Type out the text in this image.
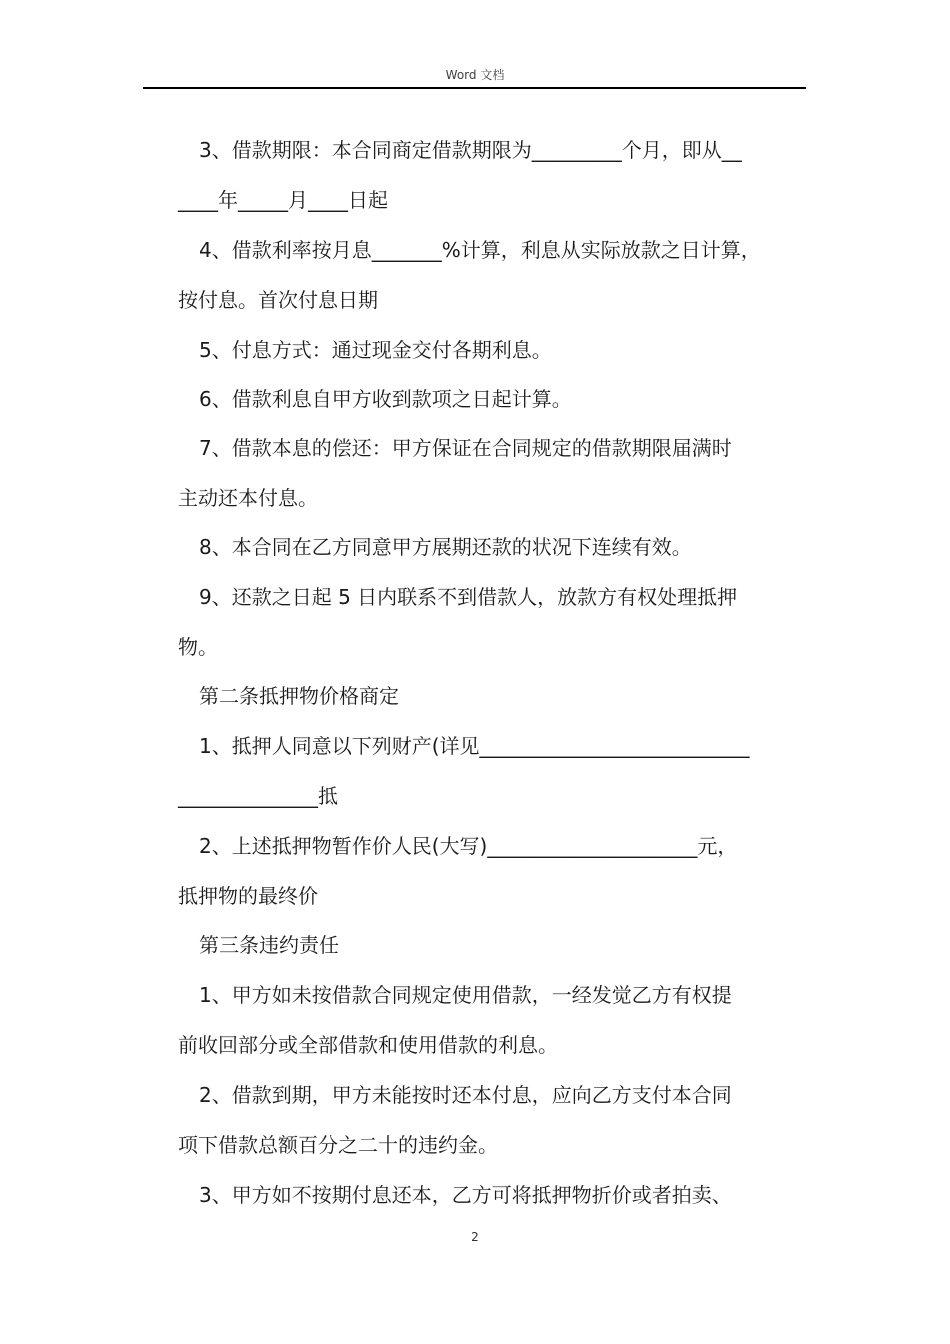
Word 文档
3、借款期限：本合同商定借款期限为_________个月，即从__
____年_____月____日起
4、借款利率按月息_______%计算，利息从实际放款之日计算，
按付息。首次付息日期
5、付息方式：通过现金交付各期利息。
6、借款利息自甲方收到款项之日起计算。
7、借款本息的偿还：甲方保证在合同规定的借款期限届满时
主动还本付息。
8、本合同在乙方同意甲方展期还款的状况下连续有效。
9、还款之日起 5 日内联系不到借款人，放款方有权处理抵押
物。
第二条抵押物价格商定
1、抵押人同意以下列财产(详见___________________________
______________抵
2、上述抵押物暂作价人民(大写)_____________________元，
抵押物的最终价
第三条违约责任
1、甲方如未按借款合同规定使用借款，一经发觉乙方有权提
前收回部分或全部借款和使用借款的利息。
2、借款到期，甲方未能按时还本付息，应向乙方支付本合同
项下借款总额百分之二十的违约金。
3、甲方如不按期付息还本，乙方可将抵押物折价或者拍卖、
2
